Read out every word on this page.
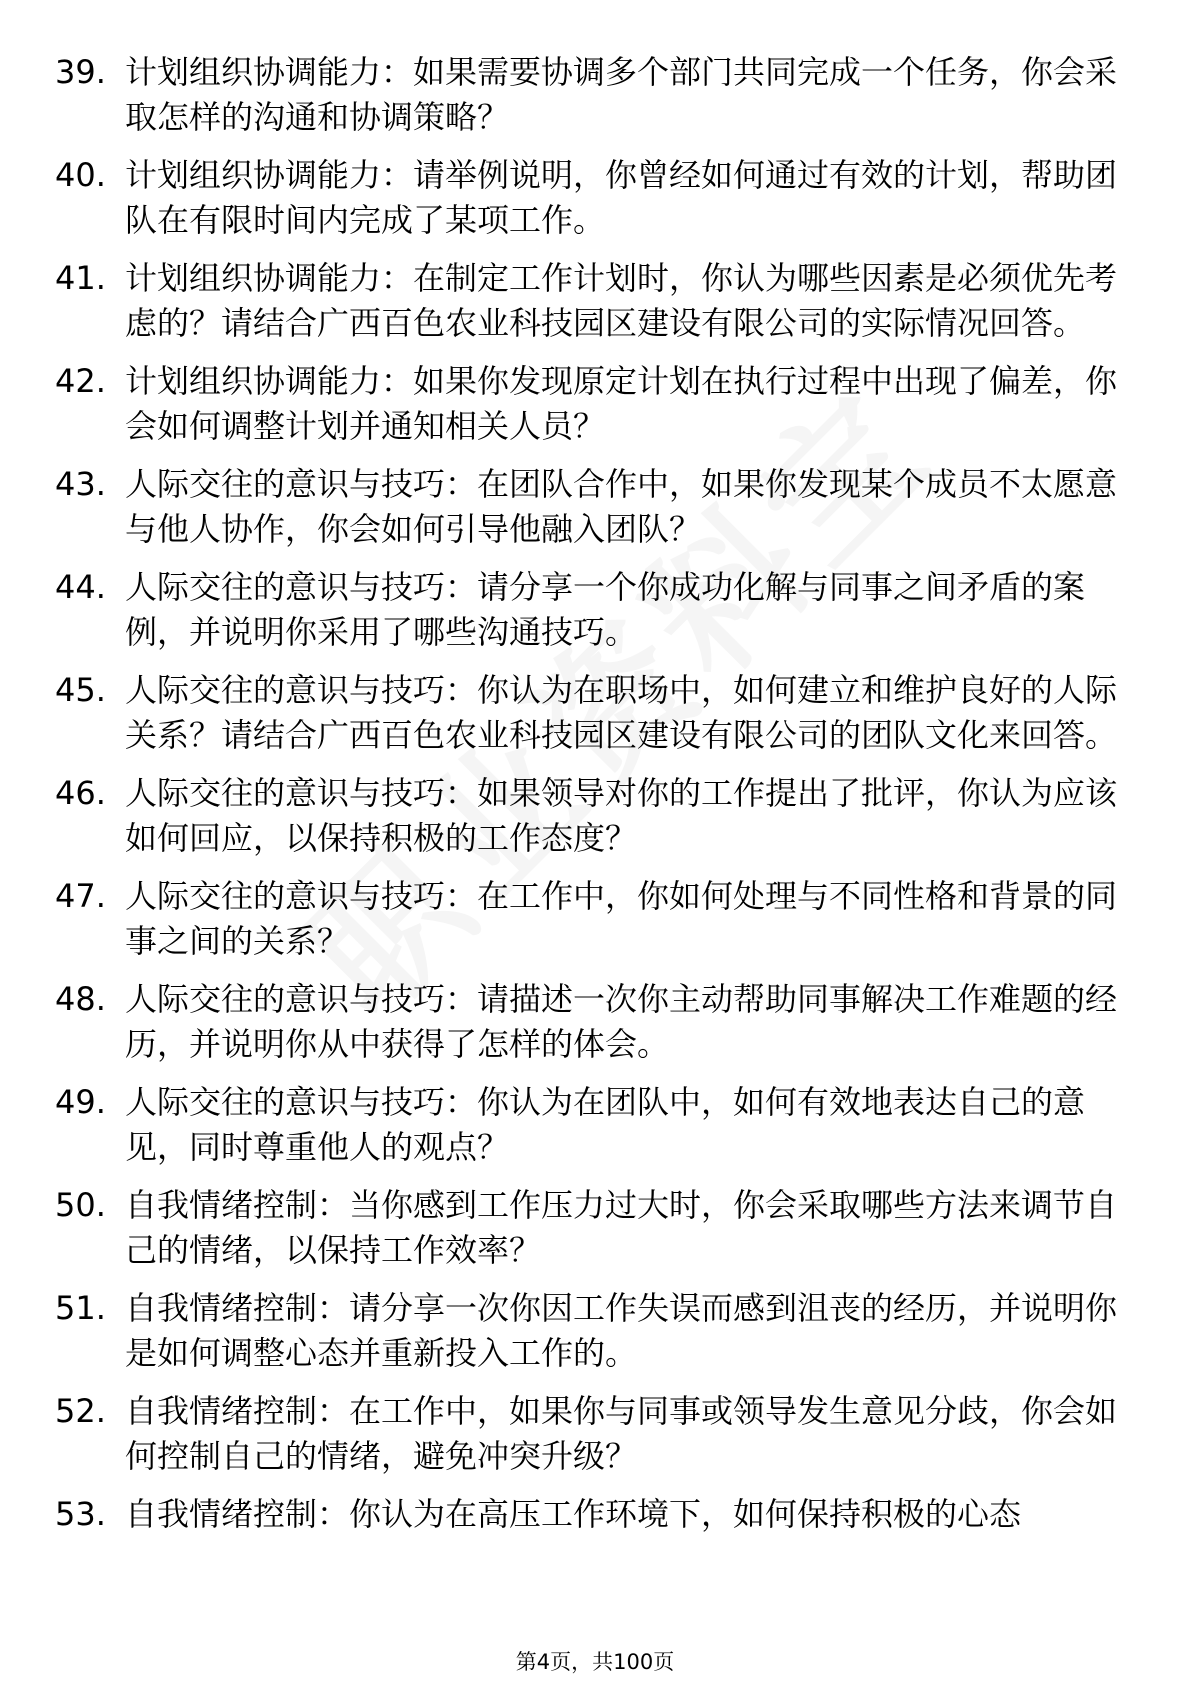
39. 计划组织协调能力：如果需要协调多个部门共同完成一个任务，你会采取怎样的沟通和协调策略？
40. 计划组织协调能力：请举例说明，你曾经如何通过有效的计划，帮助团队在有限时间内完成了某项工作。
41. 计划组织协调能力：在制定工作计划时，你认为哪些因素是必须优先考虑的？请结合广西百色农业科技园区建设有限公司的实际情况回答。
42. 计划组织协调能力：如果你发现原定计划在执行过程中出现了偏差，你会如何调整计划并通知相关人员？
43. 人际交往的意识与技巧：在团队合作中，如果你发现某个成员不太愿意与他人协作，你会如何引导他融入团队？
44. 人际交往的意识与技巧：请分享一个你成功化解与同事之间矛盾的案例，并说明你采用了哪些沟通技巧。
45. 人际交往的意识与技巧：你认为在职场中，如何建立和维护良好的人际关系？请结合广西百色农业科技园区建设有限公司的团队文化来回答。
46. 人际交往的意识与技巧：如果领导对你的工作提出了批评，你认为应该如何回应，以保持积极的工作态度？
47. 人际交往的意识与技巧：在工作中，你如何处理与不同性格和背景的同事之间的关系？
48. 人际交往的意识与技巧：请描述一次你主动帮助同事解决工作难题的经历，并说明你从中获得了怎样的体会。
49. 人际交往的意识与技巧：你认为在团队中，如何有效地表达自己的意见，同时尊重他人的观点？
50. 自我情绪控制：当你感到工作压力过大时，你会采取哪些方法来调节自己的情绪，以保持工作效率？
51. 自我情绪控制：请分享一次你因工作失误而感到沮丧的经历，并说明你是如何调整心态并重新投入工作的。
52. 自我情绪控制：在工作中，如果你与同事或领导发生意见分歧，你会如何控制自己的情绪，避免冲突升级？
53. 自我情绪控制：你认为在高压工作环境下，如何保持积极的心态
第4页，共100页
